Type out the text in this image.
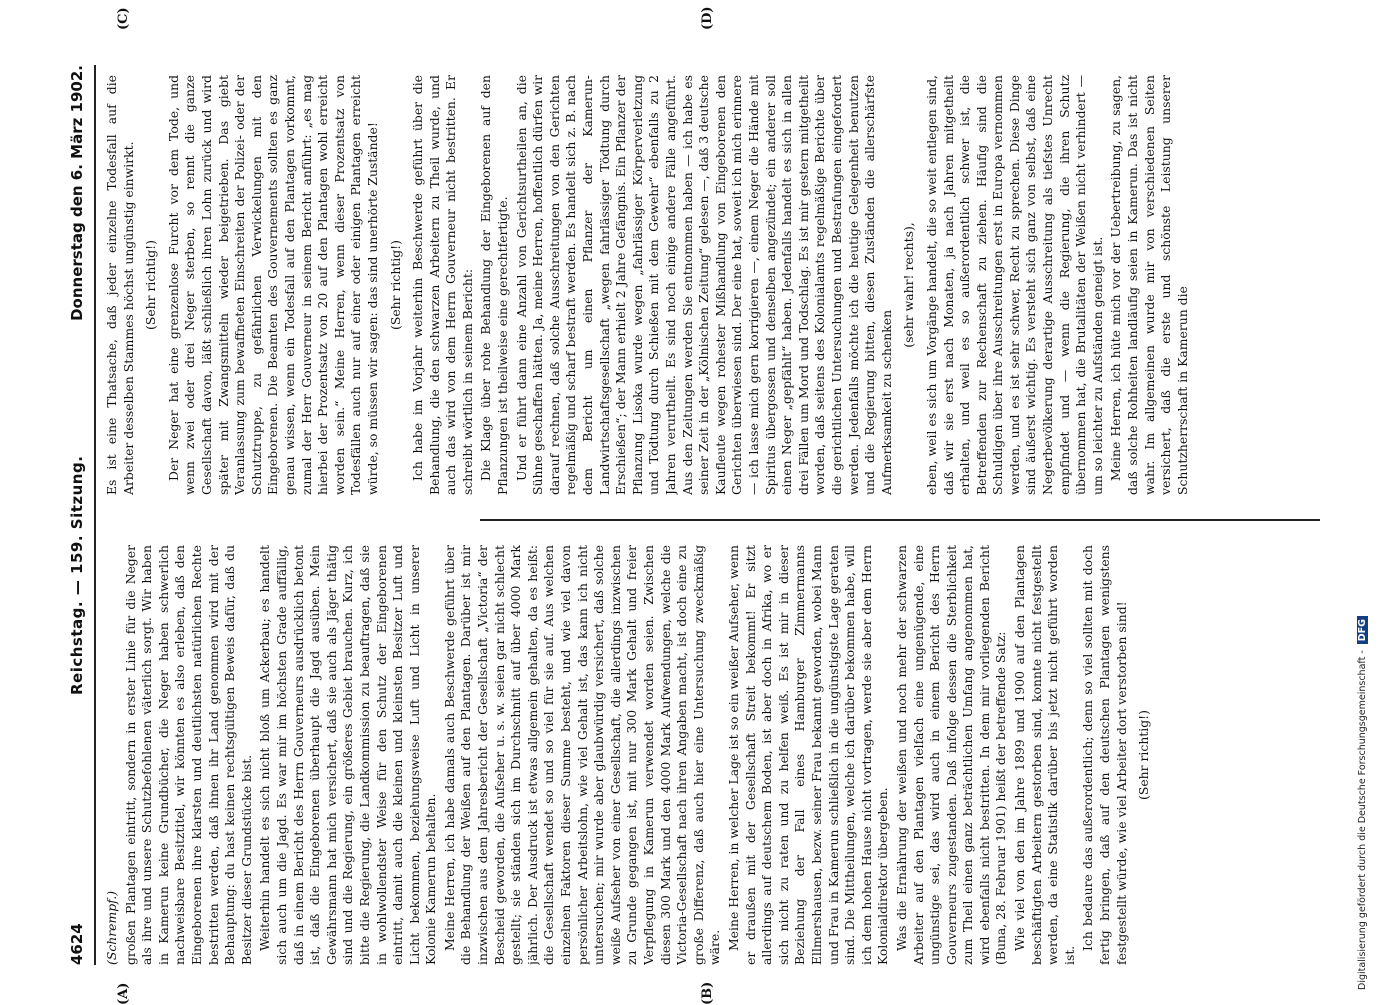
4624
Reichstag. — 159. Sitzung.
Donnerstag den 6. März 1902.
(A)	(B)
(C)	(D)

(Schrempf.) großen Plantagen eintritt, sondern in erster Linie für die Neger als ihre und unsere Schutzbefohlenen väterlich sorgt. Wir haben in Kamerun keine Grundbücher, die Neger haben schwerlich nachweisbare Besitztitel, wir könnten es also erleben, daß den Eingeborenen ihre klarsten und deutlichsten natürlichen Rechte bestritten werden, daß ihnen ihr Land genommen wird mit der Behauptung: du hast keinen rechtsgültigen Beweis dafür, daß du Besitzer dieser Grundstücke bist. Weiterhin handelt es sich nicht bloß um Ackerbau; es handelt sich auch um die Jagd. Es war mir im höchsten Grade auffällig, daß in einem Bericht des Herrn Gouverneurs ausdrücklich betont ist, daß die Eingeborenen überhaupt die Jagd ausüben. Mein Gewährsmann hat mich versichert, daß sie auch als Jäger thätig sind und die Regierung, ein größeres Gebiet brauchen. Kurz, ich bitte die Regierung, die Landkommission zu beauftragen, daß sie in wohlwollendster Weise für den Schutz der Eingeborenen eintritt, damit auch die kleinen und kleinsten Besitzer Luft und Licht bekommen, beziehungsweise Luft und Licht in unserer Kolonie Kamerun behalten. Meine Herren, ich habe damals auch Beschwerde geführt über die Behandlung der Weißen auf den Plantagen. Darüber ist mir inzwischen aus dem Jahresbericht der Gesellschaft „Victoria“ der Bescheid geworden, die Aufseher u. s. w. seien gar nicht schlecht gestellt; sie ständen sich im Durchschnitt auf über 4000 Mark jährlich. Der Ausdruck ist etwas allgemein gehalten, da es heißt: die Gesellschaft wendet so und so viel für sie auf. Aus welchen einzelnen Faktoren dieser Summe besteht, und wie viel davon persönlicher Arbeitslohn, wie viel Gehalt ist, das kann ich nicht untersuchen; mir wurde aber glaubwürdig versichert, daß solche weiße Aufseher von einer Gesellschaft, die allerdings inzwischen zu Grunde gegangen ist, mit nur 300 Mark Gehalt und freier Verpflegung in Kamerun verwendet worden seien. Zwischen diesen 300 Mark und den 4000 Mark Aufwendungen, welche die Victoria-Gesellschaft nach ihren Angaben macht, ist doch eine zu große Differenz, daß auch hier eine Untersuchung zweckmäßig wäre. Meine Herren, in welcher Lage ist so ein weißer Aufseher, wenn er draußen mit der Gesellschaft Streit bekommt! Er sitzt allerdings auf deutschem Boden, ist aber doch in Afrika, wo er sich nicht zu raten und zu helfen weiß. Es ist mir in dieser Beziehung der Fall eines Hamburger Zimmermanns Ellmershausen, bezw. seiner Frau bekannt geworden, wobei Mann und Frau in Kamerun schließlich in die ungünstigste Lage geraten sind. Die Mittheilungen, welche ich darüber bekommen habe, will ich dem hohen Hause nicht vortragen, werde sie aber dem Herrn Kolonialdirektor übergeben. Was die Ernährung der weißen und noch mehr der schwarzen Arbeiter auf den Plantagen vielfach eine ungenügende, eine ungünstige sei, das wird auch in einem Bericht des Herrn Gouverneurs zugestanden. Daß infolge dessen die Sterblichkeit zum Theil einen ganz beträchtlichen Umfang angenommen hat, wird ebenfalls nicht bestritten. In dem mir vorliegenden Bericht (Buna, 28. Februar 1901) heißt der betreffende Satz: Wie viel von den im Jahre 1899 und 1900 auf den Plantagen beschäftigten Arbeitern gestorben sind, konnte nicht festgestellt werden, da eine Statistik darüber bis jetzt nicht geführt worden ist.

Ich bedaure das außerordentlich; denn so viel sollten mit doch fertig bringen, daß auf den deutschen Plantagen wenigstens festgestellt würde, wie viel Arbeiter dort verstorben sind! (Sehr richtig!)

Es ist eine Thatsache, daß jeder einzelne Todesfall auf die Arbeiter desselben Stammes höchst ungünstig einwirkt. (Sehr richtig!) Der Neger hat eine grenzenlose Furcht vor dem Tode, und wenn zwei oder drei Neger sterben, so rennt die ganze Gesellschaft davon, läßt schließlich ihren Lohn zurück und wird später mit Zwangsmitteln wieder beigetrieben. Das giebt Veranlassung zum bewaffneten Einschreiten der Polizei- oder der Schutztruppe, zu gefährlichen Verwickelungen mit den Eingeborenen. Die Beamten des Gouvernements sollten es ganz genau wissen, wenn ein Todesfall auf den Plantagen vorkommt, zumal der Herr Gouverneur in seinem Bericht anführt: „es mag hierbei der Prozentsatz von 20 auf den Plantagen wohl erreicht worden sein.“ Meine Herren, wenn dieser Prozentsatz von Todesfällen auch nur auf einer oder einigen Plantagen erreicht würde, so müssen wir sagen: das sind unerhörte Zustände! (Sehr richtig!) Ich habe im Vorjahr weiterhin Beschwerde geführt über die Behandlung, die den schwarzen Arbeitern zu Theil wurde, und auch das wird von dem Herrn Gouverneur nicht bestritten. Er schreibt wörtlich in seinem Bericht: Die Klage über rohe Behandlung der Eingeborenen auf den Pflanzungen ist theilweise eine gerechtfertigte. Und er führt dann eine Anzahl von Gerichtsurtheilen an, die Sühne geschaffen hätten. Ja, meine Herren, hoffentlich dürfen wir darauf rechnen, daß solche Ausschreitungen von den Gerichten regelmäßig und scharf bestraft werden. Es handelt sich z. B. nach dem Bericht um einen Pflanzer der Kamerun-Landwirtschaftsgesellschaft „wegen fahrlässiger Tödtung durch Erschießen“; der Mann erhielt 2 Jahre Gefängnis. Ein Pflanzer der Pflanzung Lisoka wurde wegen „fahrlässiger Körperverletzung und Tödtung durch Schießen mit dem Gewehr“ ebenfalls zu 2 Jahren verurtheilt. Es sind noch einige andere Fälle angeführt. Aus den Zeitungen werden Sie entnommen haben — ich habe es seiner Zeit in der „Kölnischen Zeitung“ gelesen —, daß 3 deutsche Kaufleute wegen rohester Mißhandlung von Eingeborenen den Gerichten überwiesen sind. Der eine hat, soweit ich mich erinnere — ich lasse mich gern korrigieren —, einem Neger die Hände mit Spiritus übergossen und denselben angezündet; ein anderer soll einen Neger „gepfählt“ haben. Jedenfalls handelt es sich in allen drei Fällen um Mord und Todschlag. Es ist mir gestern mitgetheilt worden, daß seitens des Kolonialamts regelmäßige Berichte über die gerichtlichen Untersuchungen und Bestrafungen eingefordert werden. Jedenfalls möchte ich die heutige Gelegenheit benutzen und die Regierung bitten, diesen Zuständen die allerschärfste Aufmerksamkeit zu schenken

(sehr wahr! rechts), eben, weil es sich um Vorgänge handelt, die so weit entlegen sind, daß wir sie erst nach Monaten, ja nach Jahren mitgetheilt erhalten, und weil es so außerordentlich schwer ist, die Betreffenden zur Rechenschaft zu ziehen. Häufig sind die Schuldigen über ihre Ausschreitungen erst in Europa vernommen werden, und es ist sehr schwer, Recht zu sprechen. Diese Dinge sind äußerst wichtig. Es versteht sich ganz von selbst, daß eine Negerbevölkerung derartige Ausschreitung als tiefstes Unrecht empfindet und — wenn die Regierung, die ihren Schutz übernommen hat, die Brutalitäten der Weißen nicht verhindert — um so leichter zu Aufständen geneigt ist. Meine Herren, ich hüte mich vor der Uebertreibung, zu sagen, daß solche Rohheiten landläufig seien in Kamerun. Das ist nicht wahr. Im allgemeinen wurde mir von verschiedenen Seiten versichert, daß die erste und schönste Leistung unserer Schutzherrschaft in Kamerun die

Digitalisierung gefördert durch die Deutsche Forschungsgemeinschaft -DFG
